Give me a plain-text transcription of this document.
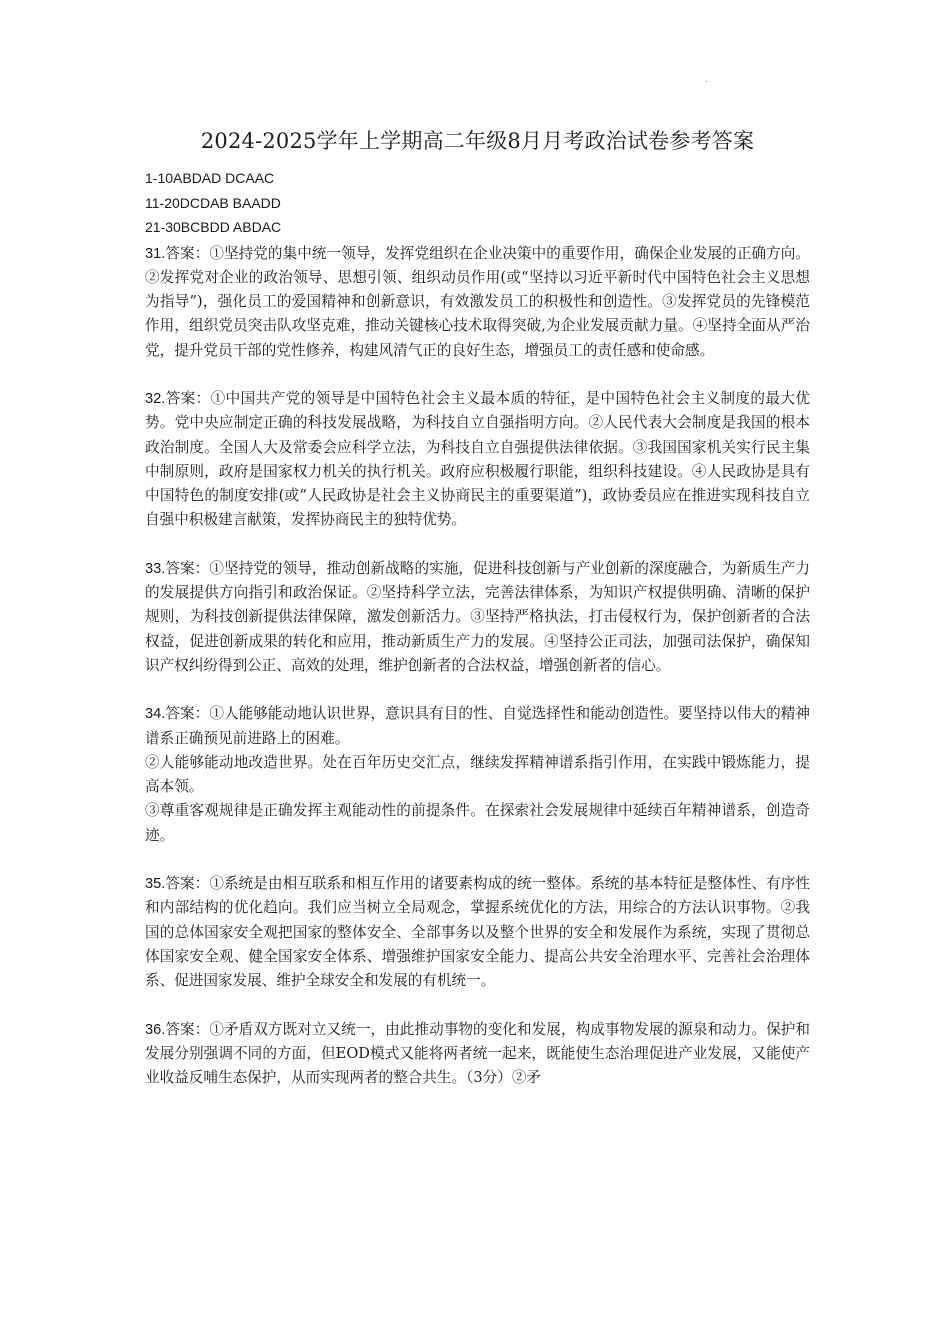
.
2024-2025学年上学期高二年级8月月考政治试卷参考答案
1-10ABDAD DCAAC
11-20DCDAB BAADD
21-30BCBDD ABDAC

31.答案：①坚持党的集中统一领导，发挥党组织在企业决策中的重要作用，确保企业发展的正确方向。②发挥党对企业的政治领导、思想引领、组织动员作用(或“坚持以习近平新时代中国特色社会主义思想为指导”)，强化员工的爱国精神和创新意识，有效激发员工的积极性和创造性。③发挥党员的先锋模范作用，组织党员突击队攻坚克难，推动关键核心技术取得突破,为企业发展贡献力量。④坚持全面从严治党，提升党员干部的党性修养，构建风清气正的良好生态，增强员工的责任感和使命感。

32.答案：①中国共产党的领导是中国特色社会主义最本质的特征，是中国特色社会主义制度的最大优势。党中央应制定正确的科技发展战略，为科技自立自强指明方向。②人民代表大会制度是我国的根本政治制度。全国人大及常委会应科学立法，为科技自立自强提供法律依据。③我国国家机关实行民主集中制原则，政府是国家权力机关的执行机关。政府应积极履行职能，组织科技建设。④人民政协是具有中国特色的制度安排(或“人民政协是社会主义协商民主的重要渠道”)，政协委员应在推进实现科技自立自强中积极建言献策，发挥协商民主的独特优势。

33.答案：①坚持党的领导，推动创新战略的实施，促进科技创新与产业创新的深度融合，为新质生产力的发展提供方向指引和政治保证。②坚持科学立法，完善法律体系，为知识产权提供明确、清晰的保护规则，为科技创新提供法律保障，激发创新活力。③坚持严格执法，打击侵权行为，保护创新者的合法权益，促进创新成果的转化和应用，推动新质生产力的发展。④坚持公正司法，加强司法保护，确保知识产权纠纷得到公正、高效的处理，维护创新者的合法权益，增强创新者的信心。

34.答案：①人能够能动地认识世界，意识具有目的性、自觉选择性和能动创造性。要坚持以伟大的精神谱系正确预见前进路上的困难。

②人能够能动地改造世界。处在百年历史交汇点，继续发挥精神谱系指引作用，在实践中锻炼能力，提高本领。

③尊重客观规律是正确发挥主观能动性的前提条件。在探索社会发展规律中延续百年精神谱系，创造奇迹。

35.答案：①系统是由相互联系和相互作用的诸要素构成的统一整体。系统的基本特征是整体性、有序性和内部结构的优化趋向。我们应当树立全局观念，掌握系统优化的方法，用综合的方法认识事物。②我国的总体国家安全观把国家的整体安全、全部事务以及整个世界的安全和发展作为系统，实现了贯彻总体国家安全观、健全国家安全体系、增强维护国家安全能力、提高公共安全治理水平、完善社会治理体系、促进国家发展、维护全球安全和发展的有机统一。

36.答案：①矛盾双方既对立又统一，由此推动事物的变化和发展，构成事物发展的源泉和动力。保护和发展分别强调不同的方面，但EOD模式又能将两者统一起来，既能使生态治理促进产业发展，又能使产业收益反哺生态保护，从而实现两者的整合共生。（3分）②矛
